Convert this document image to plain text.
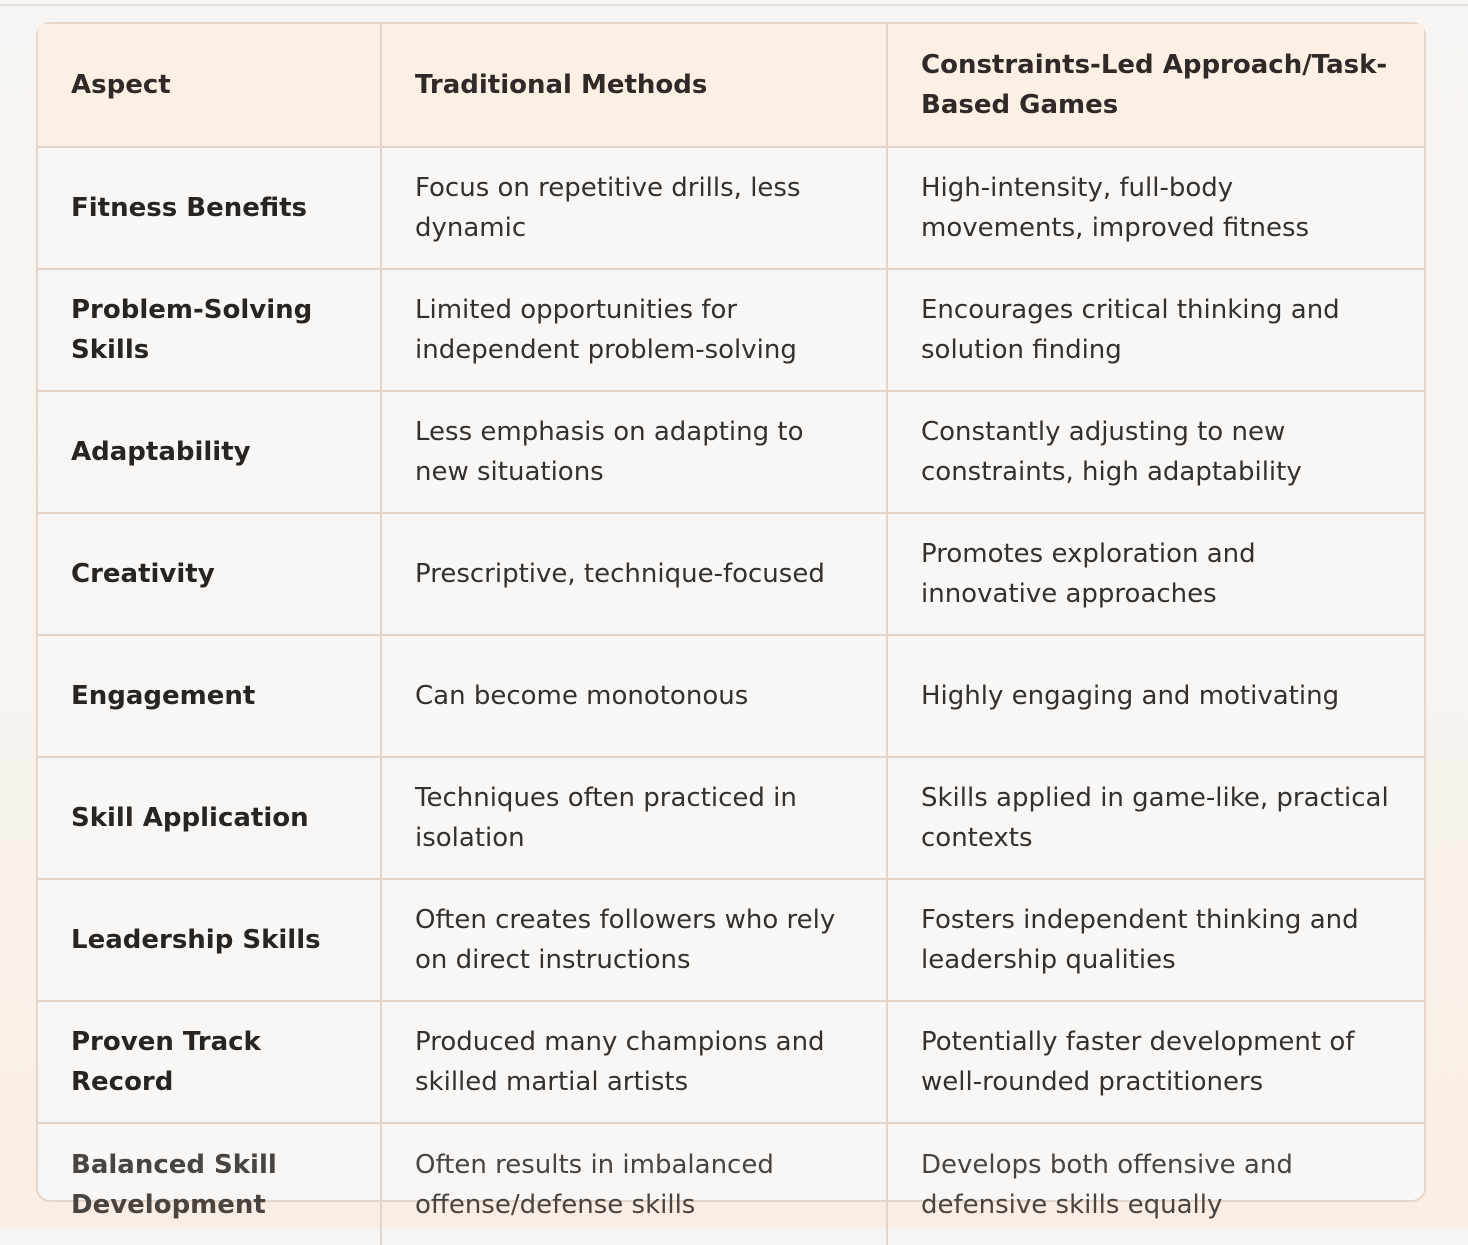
Aspect	Traditional Methods	Constraints-Led Approach/Task-Based Games
Fitness Benefits	Focus on repetitive drills, less dynamic	High-intensity, full-body movements, improved fitness
Problem-Solving Skills	Limited opportunities for independent problem-solving	Encourages critical thinking and solution finding
Adaptability	Less emphasis on adapting to new situations	Constantly adjusting to new constraints, high adaptability
Creativity	Prescriptive, technique-focused	Promotes exploration and innovative approaches
Engagement	Can become monotonous	Highly engaging and motivating
Skill Application	Techniques often practiced in isolation	Skills applied in game-like, practical contexts
Leadership Skills	Often creates followers who rely on direct instructions	Fosters independent thinking and leadership qualities
Proven Track Record	Produced many champions and skilled martial artists	Potentially faster development of well-rounded practitioners
Balanced Skill Development	Often results in imbalanced offense/defense skills	Develops both offensive and defensive skills equally
